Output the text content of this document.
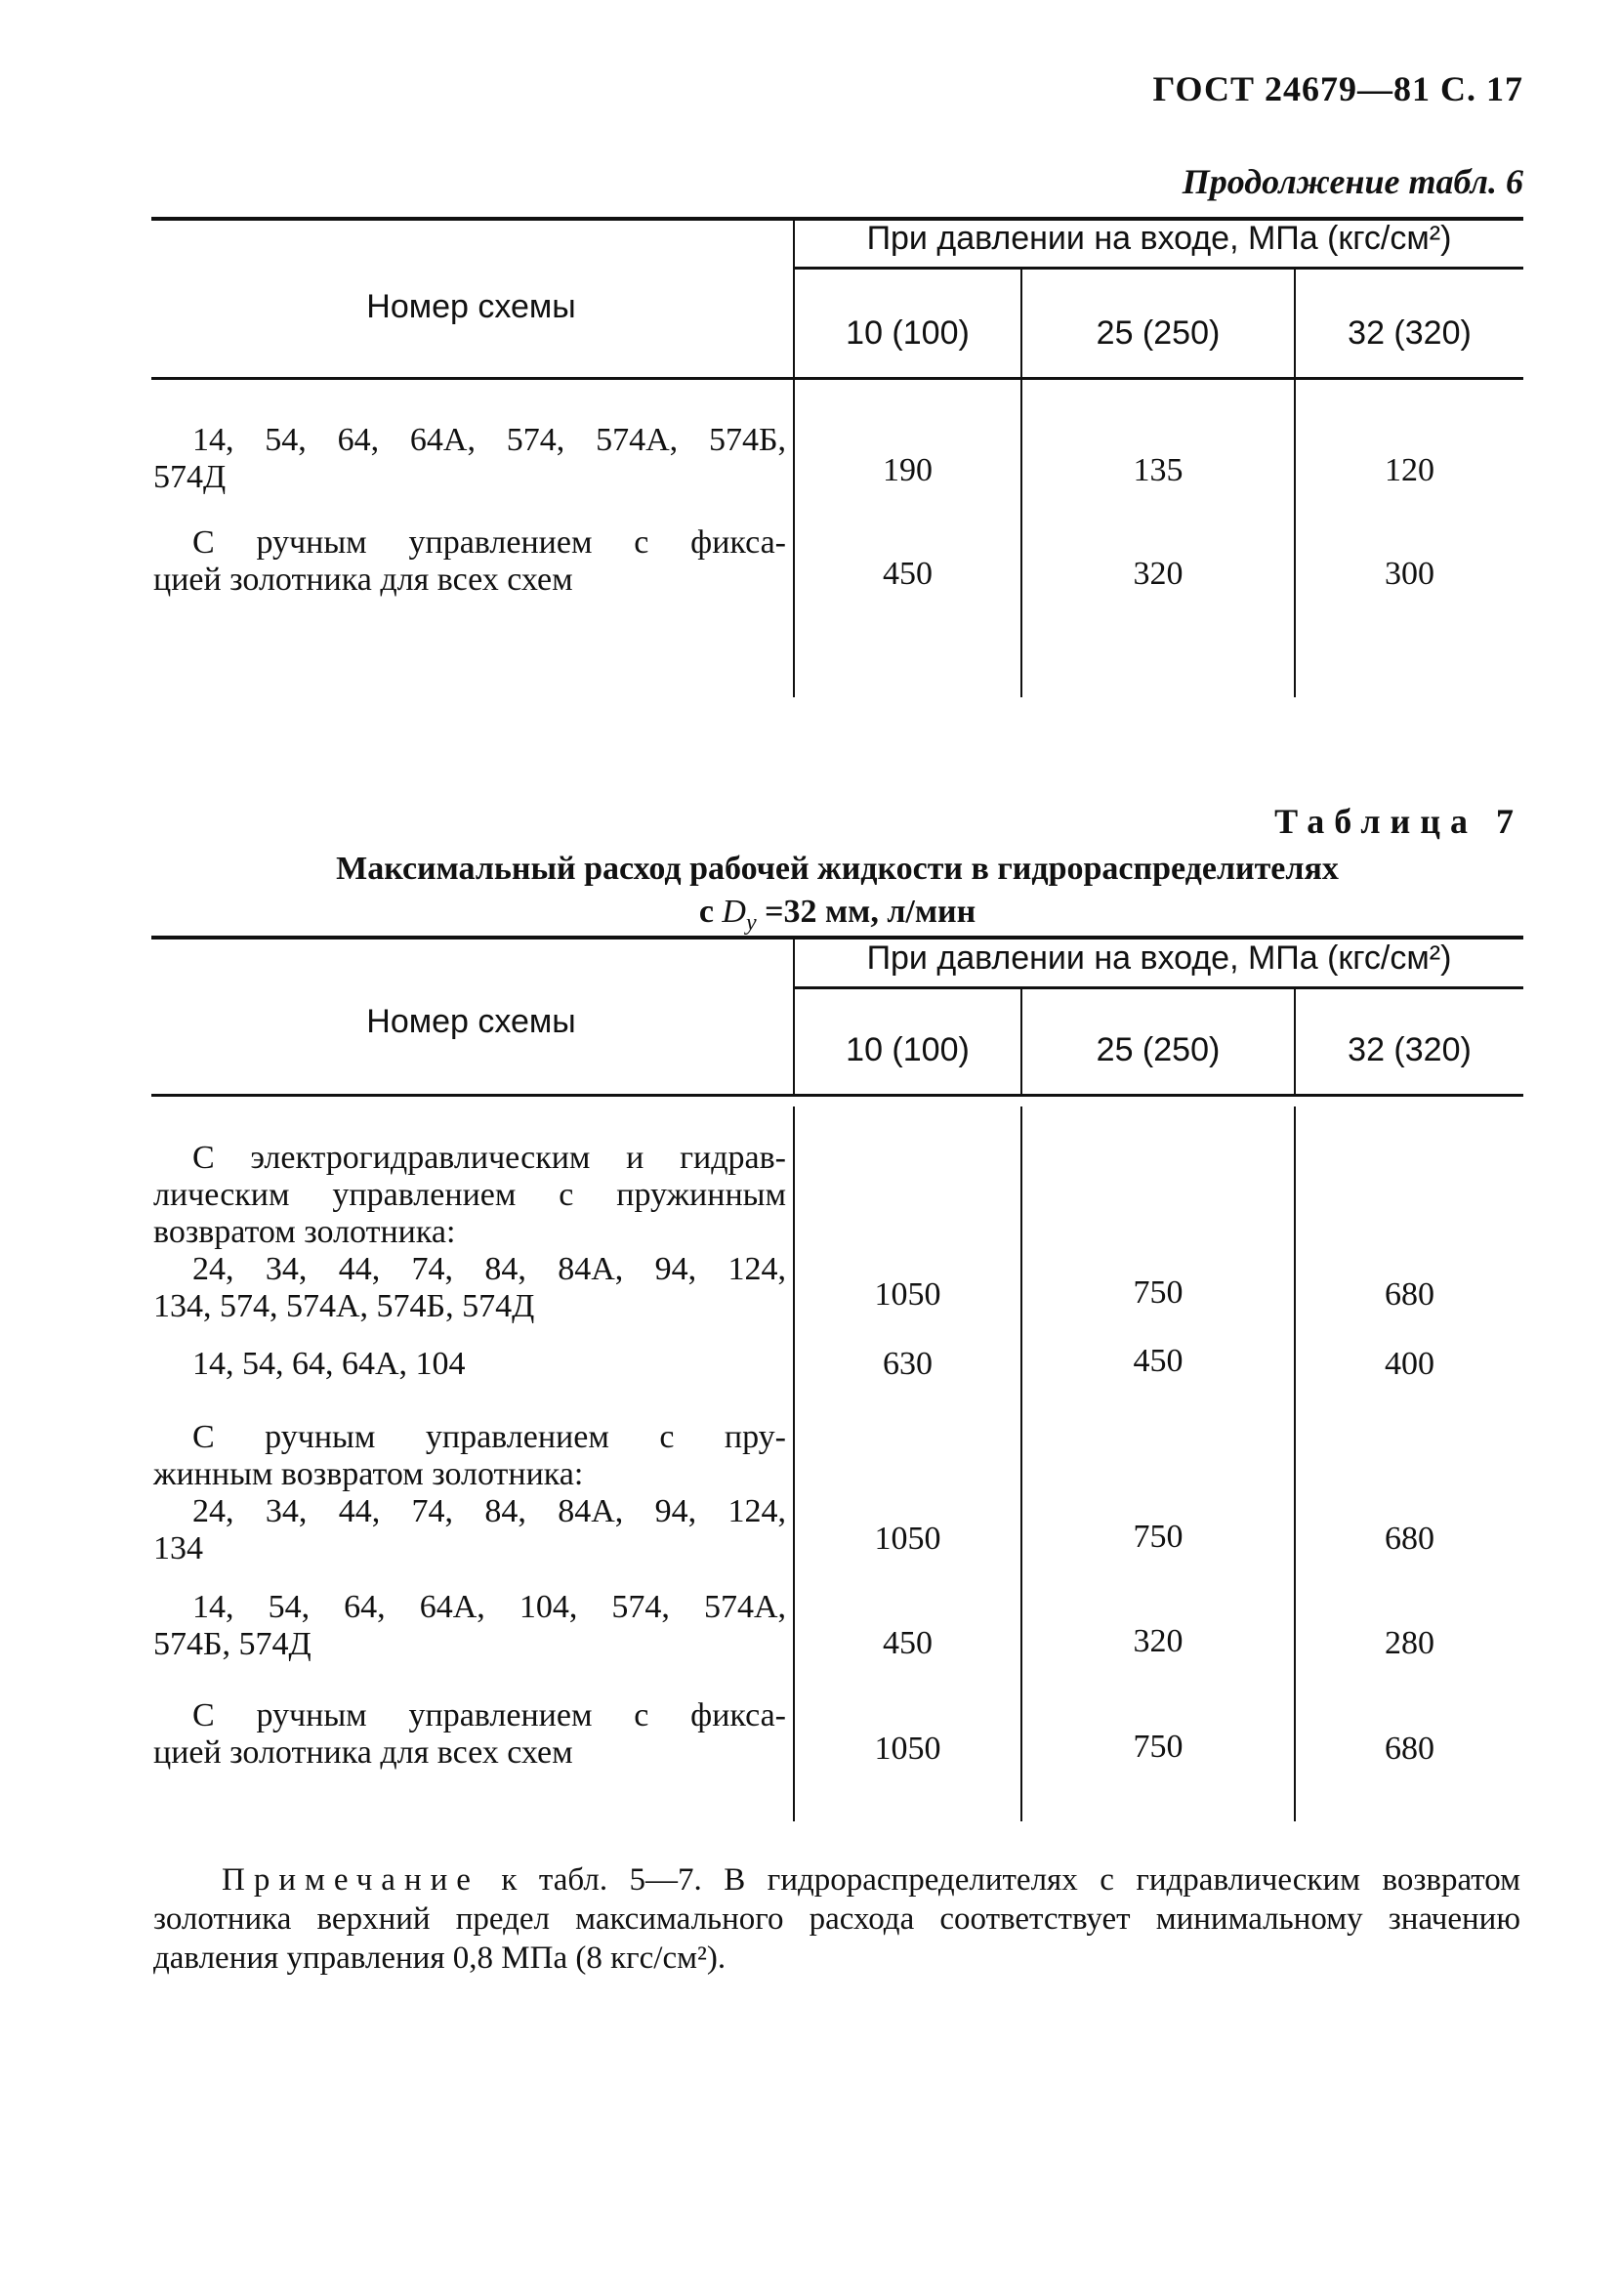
ГОСТ 24679—81 С. 17
Продолжение табл. 6
Номер схемы
При давлении на входе, МПа (кгс/см²)
10 (100)	25 (250)	32 (320)
14, 54, 64, 64А, 574, 574А, 574Б,
574Д	190	135	120
С ручным управлением с фикса-
цией золотника для всех схем	450	320	300
Таблица 7
Максимальный расход рабочей жидкости в гидрораспределителях
с $D_у =32$ мм, л/мин
Номер схемы
При давлении на входе, МПа (кгс/см²)
10 (100)	25 (250)	32 (320)
С электрогидравлическим и гидрав-
лическим управлением с пружинным
возвратом золотника:
24, 34, 44, 74, 84, 84А, 94, 124,
134, 574, 574А, 574Б, 574Д	1050	750	680
14, 54, 64, 64А, 104	630	450	400
С ручным управлением с пру-
жинным возвратом золотника:
24, 34, 44, 74, 84, 84А, 94, 124,
134	1050	750	680
14, 54, 64, 64А, 104, 574, 574А,
574Б, 574Д	450	320	280
С ручным управлением с фикса-
цией золотника для всех схем	1050	750	680
Примечание к табл. 5—7. В гидрораспределителях с гидравлическим возвратом золотника верхний предел максимального расхода соответствует минимальному значению давления управления 0,8 МПа (8 кгс/см²).
